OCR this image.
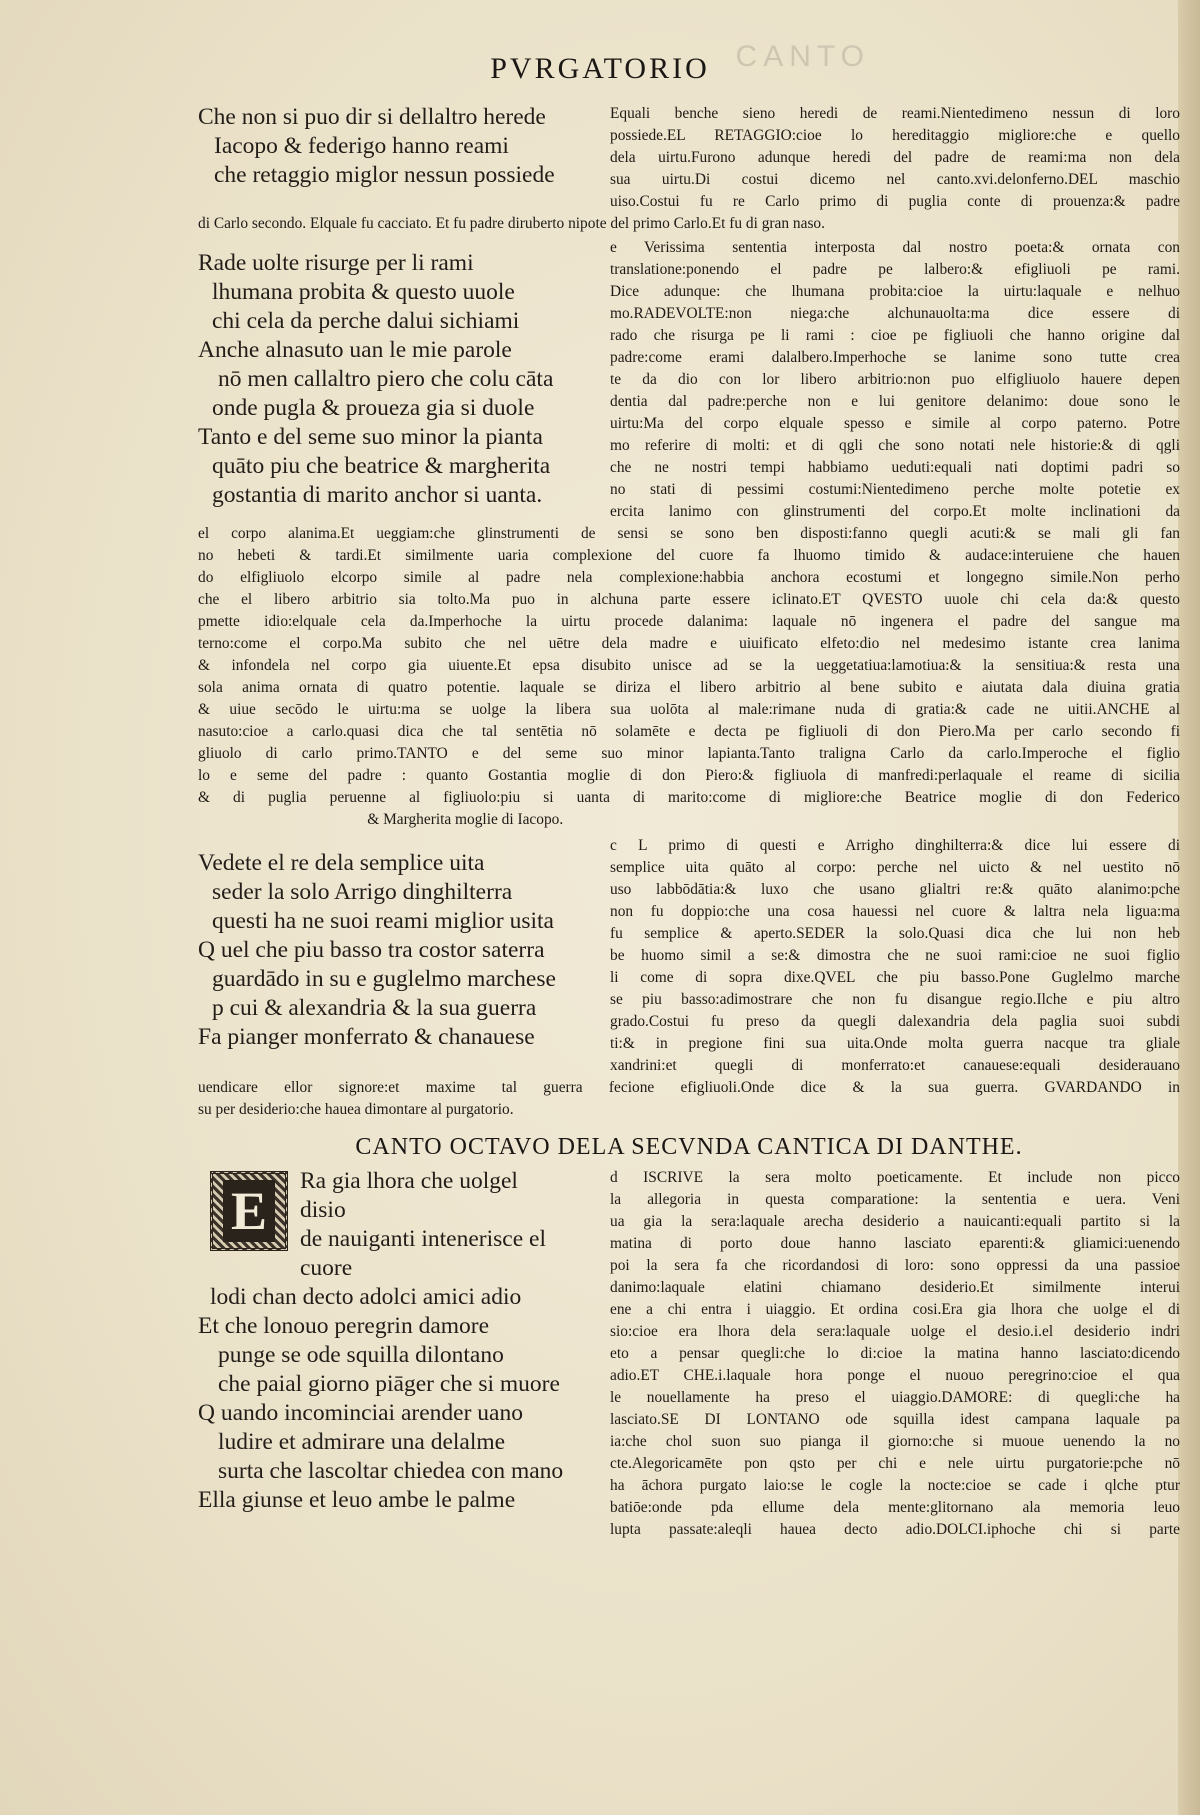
CANTO
PVRGATORIO
Che non si puo dir si dellaltro herede
Iacopo & federigo hanno reami
che retaggio miglor nessun possiede
Equali benche sieno heredi de reami.Nientedimeno nessun di loro
possiede.EL RETAGGIO:cioe lo hereditaggio migliore:che e quello
dela uirtu.Furono adunque heredi del padre de reami:ma non dela
sua uirtu.Di costui dicemo nel canto.xvi.delonferno.DEL maschio
uiso.Costui fu re Carlo primo di puglia conte di prouenza:& padre
di Carlo secondo. Elquale fu cacciato. Et fu padre diruberto nipote del primo Carlo.Et fu di gran naso.
Rade uolte risurge per li rami
lhumana probita & questo uuole
chi cela da perche dalui sichiami
Anche alnasuto uan le mie parole
nō men callaltro piero che colu cāta
onde pugla & proueza gia si duole
Tanto e del seme suo minor la pianta
quāto piu che beatrice & margherita
gostantia di marito anchor si uanta.
e Verissima sententia interposta dal nostro poeta:& ornata con
translatione:ponendo el padre pe lalbero:& efigliuoli pe rami.
Dice adunque: che lhumana probita:cioe la uirtu:laquale e nelhuo
mo.RADEVOLTE:non niega:che alchunauolta:ma dice essere di
rado che risurga pe li rami : cioe pe figliuoli che hanno origine dal
padre:come erami dalalbero.Imperhoche se lanime sono tutte crea
te da dio con lor libero arbitrio:non puo elfigliuolo hauere depen
dentia dal padre:perche non e lui genitore delanimo: doue sono le
uirtu:Ma del corpo elquale spesso e simile al corpo paterno. Potre
mo referire di molti: et di qgli che sono notati nele historie:& di qgli
che ne nostri tempi habbiamo ueduti:equali nati doptimi padri so
no stati di pessimi costumi:Nientedimeno perche molte potetie ex
ercita lanimo con glinstrumenti del corpo.Et molte inclinationi da
el corpo alanima.Et ueggiam:che glinstrumenti de sensi se sono ben disposti:fanno quegli acuti:& se mali gli fan
no hebeti & tardi.Et similmente uaria complexione del cuore fa lhuomo timido & audace:interuiene che hauen
do elfigliuolo elcorpo simile al padre nela complexione:habbia anchora ecostumi et longegno simile.Non perho
che el libero arbitrio sia tolto.Ma puo in alchuna parte essere iclinato.ET QVESTO uuole chi cela da:& questo
pmette idio:elquale cela da.Imperhoche la uirtu procede dalanima: laquale nō ingenera el padre del sangue ma
terno:come el corpo.Ma subito che nel uētre dela madre e uiuificato elfeto:dio nel medesimo istante crea lanima
& infondela nel corpo gia uiuente.Et epsa disubito unisce ad se la ueggetatiua:lamotiua:& la sensitiua:& resta una
sola anima ornata di quatro potentie. laquale se diriza el libero arbitrio al bene subito e aiutata dala diuina gratia
& uiue secōdo le uirtu:ma se uolge la libera sua uolōta al male:rimane nuda di gratia:& cade ne uitii.ANCHE al
nasuto:cioe a carlo.quasi dica che tal sentētia nō solamēte e decta pe figliuoli di don Piero.Ma per carlo secondo fi
gliuolo di carlo primo.TANTO e del seme suo minor lapianta.Tanto traligna Carlo da carlo.Imperoche el figlio
lo e seme del padre : quanto Gostantia moglie di don Piero:& figliuola di manfredi:perlaquale el reame di sicilia
& di puglia peruenne al figliuolo:piu si uanta di marito:come di migliore:che Beatrice moglie di don Federico
& Margherita moglie di Iacopo.
Vedete el re dela semplice uita
seder la solo Arrigo dinghilterra
questi ha ne suoi reami miglior usita
Q uel che piu basso tra costor saterra
guardādo in su e guglelmo marchese
p cui & alexandria & la sua guerra
Fa pianger monferrato & chanauese
c L primo di questi e Arrigho dinghilterra:& dice lui essere di
semplice uita quāto al corpo: perche nel uicto & nel uestito nō
uso labbōdātia:& luxo che usano glialtri re:& quāto alanimo:pche
non fu doppio:che una cosa hauessi nel cuore & laltra nela ligua:ma
fu semplice & aperto.SEDER la solo.Quasi dica che lui non heb
be huomo simil a se:& dimostra che ne suoi rami:cioe ne suoi figlio
li come di sopra dixe.QVEL che piu basso.Pone Guglelmo marche
se piu basso:adimostrare che non fu disangue regio.Ilche e piu altro
grado.Costui fu preso da quegli dalexandria dela paglia suoi subdi
ti:& in pregione fini sua uita.Onde molta guerra nacque tra gliale
xandrini:et quegli di monferrato:et canauese:equali desiderauano
uendicare ellor signore:et maxime tal guerra fecione efigliuoli.Onde dice & la sua guerra. GVARDANDO in
su per desiderio:che hauea dimontare al purgatorio.
CANTO OCTAVO DELA SECVNDA CANTICA DI DANTHE.
E	Ra gia lhora che uolgel
disio
de nauiganti intenerisce el
cuore
lodi chan decto adolci amici adio
Et che lonouo peregrin damore
punge se ode squilla dilontano
che paial giorno piāger che si muore
Q uando incominciai arender uano
ludire et admirare una delalme
surta che lascoltar chiedea con mano
Ella giunse et leuo ambe le palme
d ISCRIVE la sera molto poeticamente. Et include non picco
la allegoria in questa comparatione: la sententia e uera. Veni
ua gia la sera:laquale arecha desiderio a nauicanti:equali partito si la
matina di porto doue hanno lasciato eparenti:& gliamici:uenendo
poi la sera fa che ricordandosi di loro: sono oppressi da una passioe
danimo:laquale elatini chiamano desiderio.Et similmente interui
ene a chi entra i uiaggio. Et ordina cosi.Era gia lhora che uolge el di
sio:cioe era lhora dela sera:laquale uolge el desio.i.el desiderio indri
eto a pensar quegli:che lo di:cioe la matina hanno lasciato:dicendo
adio.ET CHE.i.laquale hora ponge el nuouo peregrino:cioe el qua
le nouellamente ha preso el uiaggio.DAMORE: di quegli:che ha
lasciato.SE DI LONTANO ode squilla idest campana laquale pa
ia:che chol suon suo pianga il giorno:che si muoue uenendo la no
cte.Alegoricamēte pon qsto per chi e nele uirtu purgatorie:pche nō
ha āchora purgato laio:se le cogle la nocte:cioe se cade i qlche ptur
batiōe:onde pda ellume dela mente:glitornano ala memoria leuo
lupta passate:aleqli hauea decto adio.DOLCI.iphoche chi si parte
